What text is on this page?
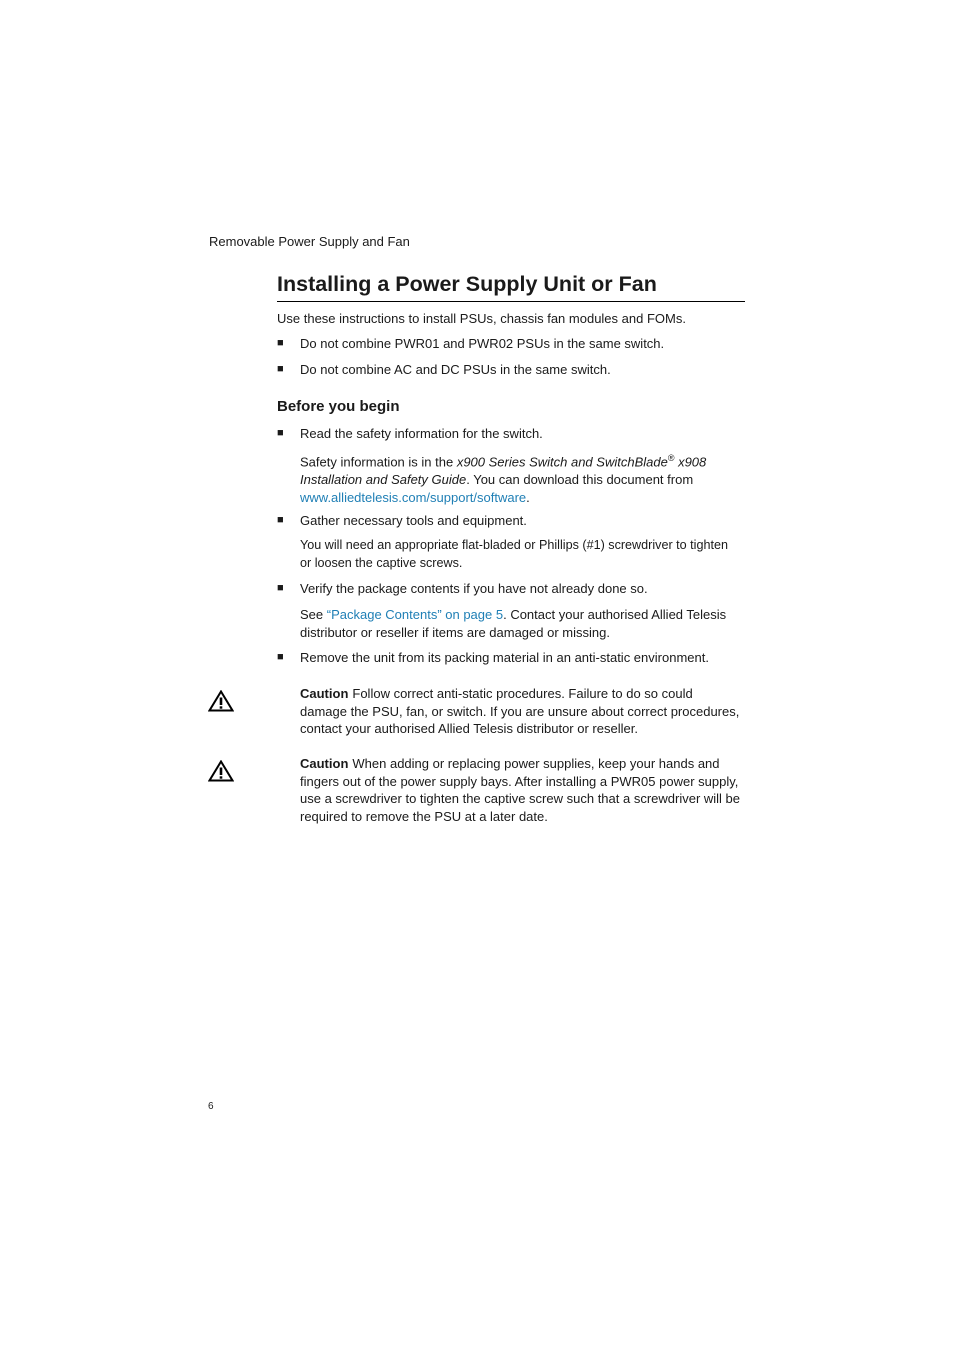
Removable Power Supply and Fan
Installing a Power Supply Unit or Fan
Use these instructions to install PSUs, chassis fan modules and FOMs.
■ Do not combine PWR01 and PWR02 PSUs in the same switch.
■ Do not combine AC and DC PSUs in the same switch.
Before you begin
■ Read the safety information for the switch.
Safety information is in the x900 Series Switch and SwitchBlade® x908
Installation and Safety Guide. You can download this document from
www.alliedtelesis.com/support/software.
■ Gather necessary tools and equipment.
You will need an appropriate flat-bladed or Phillips (#1) screwdriver to tighten
or loosen the captive screws.
■ Verify the package contents if you have not already done so.
See “Package Contents” on page 5. Contact your authorised Allied Telesis
distributor or reseller if items are damaged or missing.
■ Remove the unit from its packing material in an anti-static environment.
Caution Follow correct anti-static procedures. Failure to do so could
damage the PSU, fan, or switch. If you are unsure about correct procedures,
contact your authorised Allied Telesis distributor or reseller.
Caution When adding or replacing power supplies, keep your hands and
fingers out of the power supply bays. After installing a PWR05 power supply,
use a screwdriver to tighten the captive screw such that a screwdriver will be
required to remove the PSU at a later date.
6
